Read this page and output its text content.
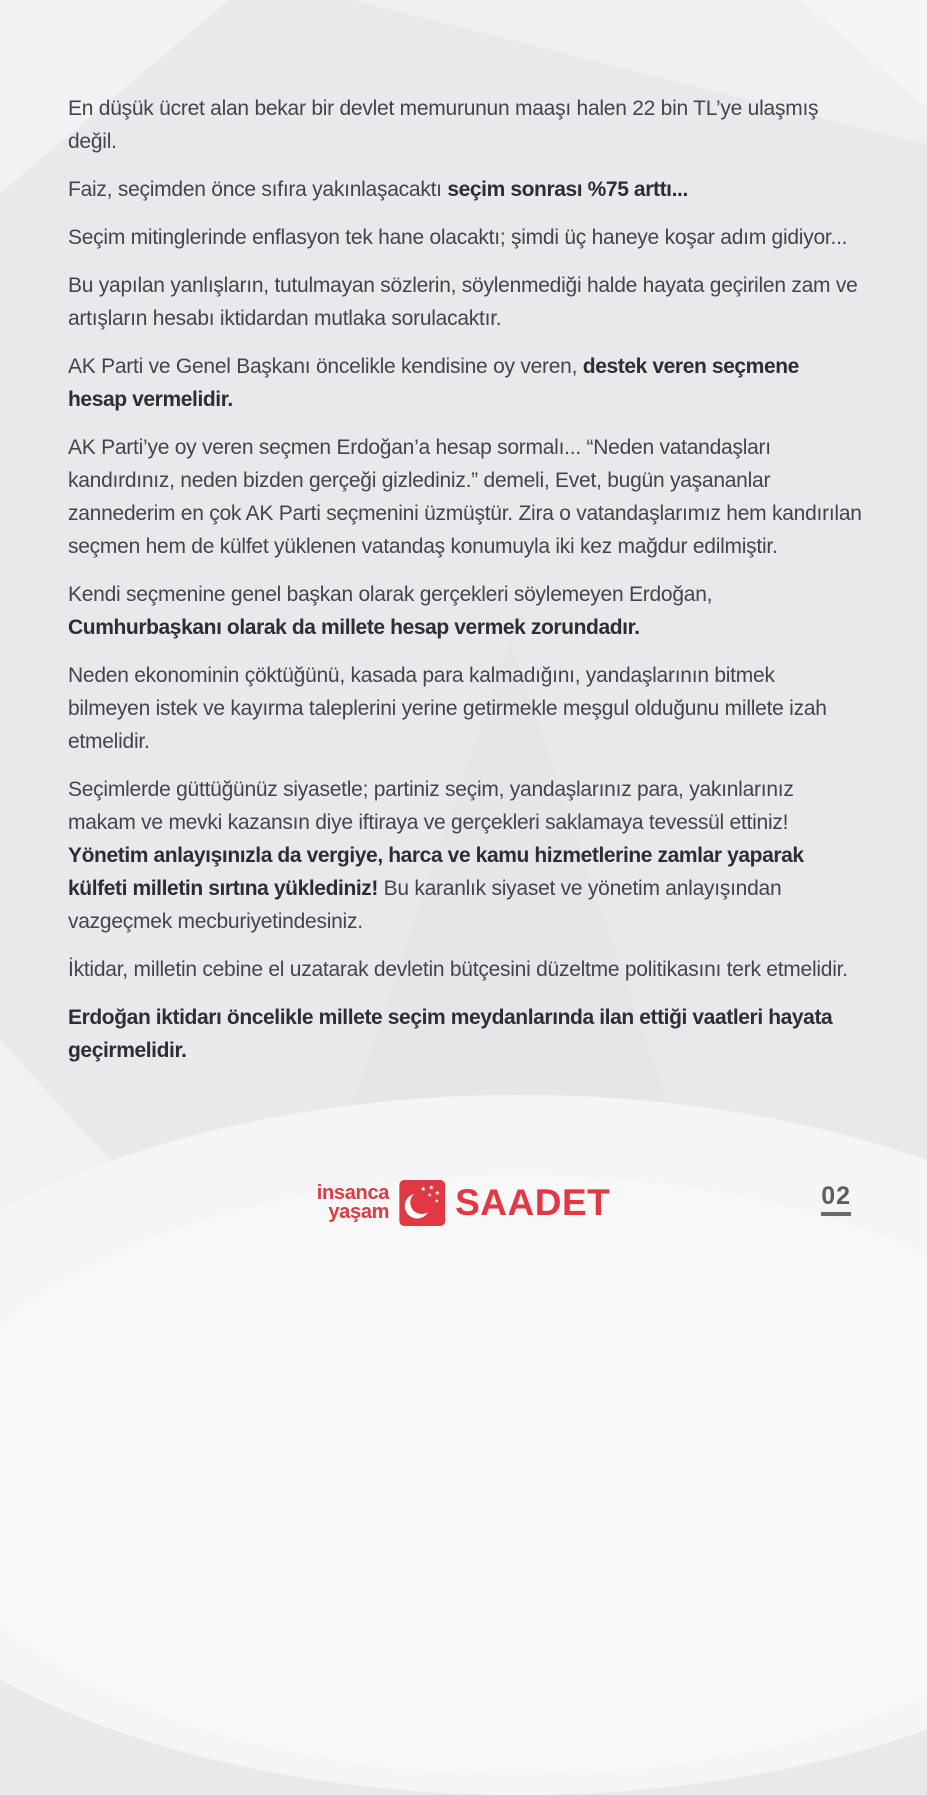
En düşük ücret alan bekar bir devlet memurunun maaşı halen 22 bin TL’ye ulaşmış değil.

Faiz, seçimden önce sıfıra yakınlaşacaktı seçim sonrası %75 arttı...

Seçim mitinglerinde enflasyon tek hane olacaktı; şimdi üç haneye koşar adım gidiyor...

Bu yapılan yanlışların, tutulmayan sözlerin, söylenmediği halde hayata geçirilen zam ve artışların hesabı iktidardan mutlaka sorulacaktır.

AK Parti ve Genel Başkanı öncelikle kendisine oy veren, destek veren seçmene hesap vermelidir.

AK Parti’ye oy veren seçmen Erdoğan’a hesap sormalı... “Neden vatandaşları kandırdınız, neden bizden gerçeği gizlediniz.” demeli, Evet, bugün yaşananlar zannederim en çok AK Parti seçmenini üzmüştür. Zira o vatandaşlarımız hem kandırılan seçmen hem de külfet yüklenen vatandaş konumuyla iki kez mağdur edilmiştir.

Kendi seçmenine genel başkan olarak gerçekleri söylemeyen Erdoğan, Cumhurbaşkanı olarak da millete hesap vermek zorundadır.

Neden ekonominin çöktüğünü, kasada para kalmadığını, yandaşlarının bitmek bilmeyen istek ve kayırma taleplerini yerine getirmekle meşgul olduğunu millete izah etmelidir.

Seçimlerde güttüğünüz siyasetle; partiniz seçim, yandaşlarınız para, yakınlarınız makam ve mevki kazansın diye iftiraya ve gerçekleri saklamaya tevessül ettiniz! Yönetim anlayışınızla da vergiye, harca ve kamu hizmetlerine zamlar yaparak külfeti milletin sırtına yüklediniz! Bu karanlık siyaset ve yönetim anlayışından vazgeçmek mecburiyetindesiniz.

İktidar, milletin cebine el uzatarak devletin bütçesini düzeltme politikasını terk etmelidir.

Erdoğan iktidarı öncelikle millete seçim meydanlarında ilan ettiği vaatleri hayata geçirmelidir.

insanca
yaşam SAADET	02
